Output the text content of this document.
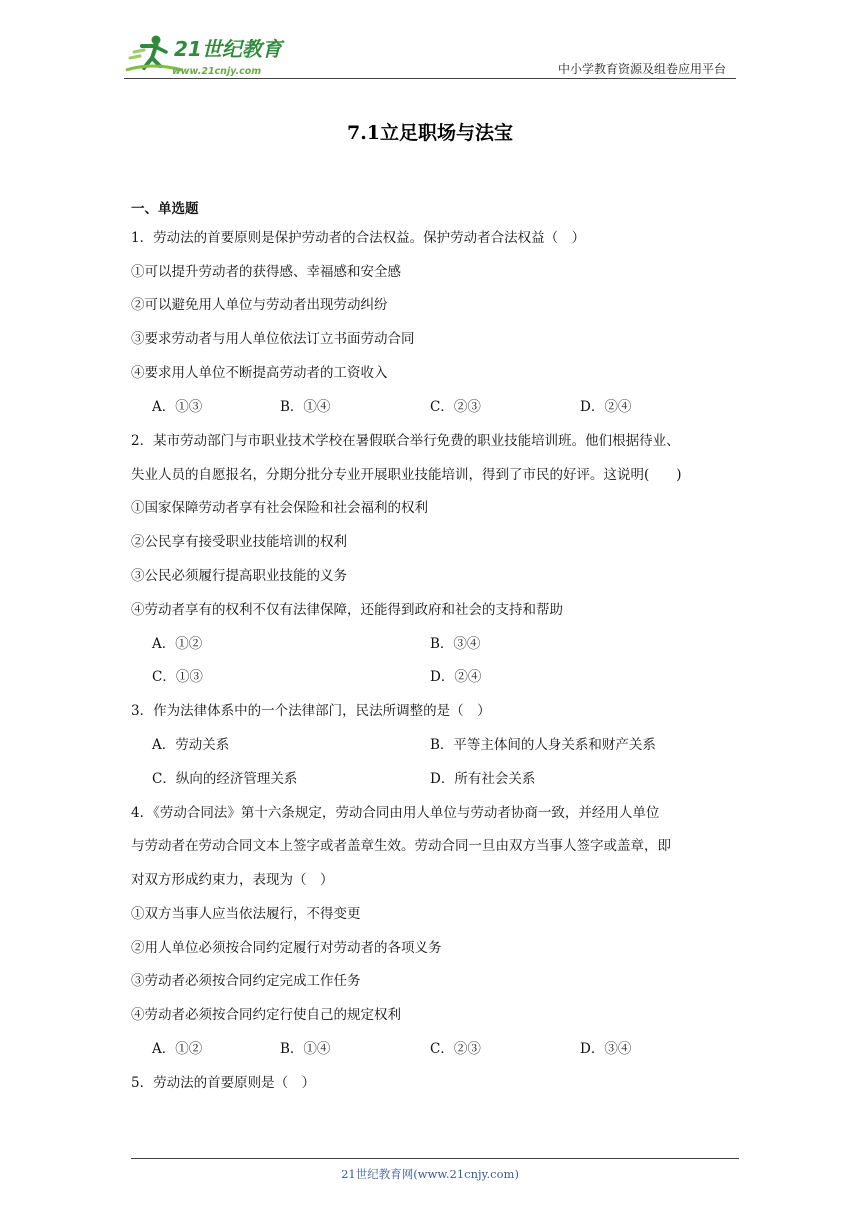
21世纪教育
www.21cnjy.com	中小学教育资源及组卷应用平台
7.1立足职场与法宝
一、单选题
1．劳动法的首要原则是保护劳动者的合法权益。保护劳动者合法权益（　）
①可以提升劳动者的获得感、幸福感和安全感
②可以避免用人单位与劳动者出现劳动纠纷
③要求劳动者与用人单位依法订立书面劳动合同
④要求用人单位不断提高劳动者的工资收入
A．①③	B．①④	C．②③	D．②④
2．某市劳动部门与市职业技术学校在暑假联合举行免费的职业技能培训班。他们根据待业、
失业人员的自愿报名，分期分批分专业开展职业技能培训，得到了市民的好评。这说明(　　)
①国家保障劳动者享有社会保险和社会福利的权利
②公民享有接受职业技能培训的权利
③公民必须履行提高职业技能的义务
④劳动者享有的权利不仅有法律保障，还能得到政府和社会的支持和帮助
A．①②	B．③④
C．①③	D．②④
3．作为法律体系中的一个法律部门，民法所调整的是（　）
A．劳动关系	B．平等主体间的人身关系和财产关系
C．纵向的经济管理关系	D．所有社会关系
4．《劳动合同法》第十六条规定，劳动合同由用人单位与劳动者协商一致，并经用人单位
与劳动者在劳动合同文本上签字或者盖章生效。劳动合同一旦由双方当事人签字或盖章，即
对双方形成约束力，表现为（　）
①双方当事人应当依法履行，不得变更
②用人单位必须按合同约定履行对劳动者的各项义务
③劳动者必须按合同约定完成工作任务
④劳动者必须按合同约定行使自己的规定权利
A．①②	B．①④	C．②③	D．③④
5．劳动法的首要原则是（　）
21世纪教育网(www.21cnjy.com)
